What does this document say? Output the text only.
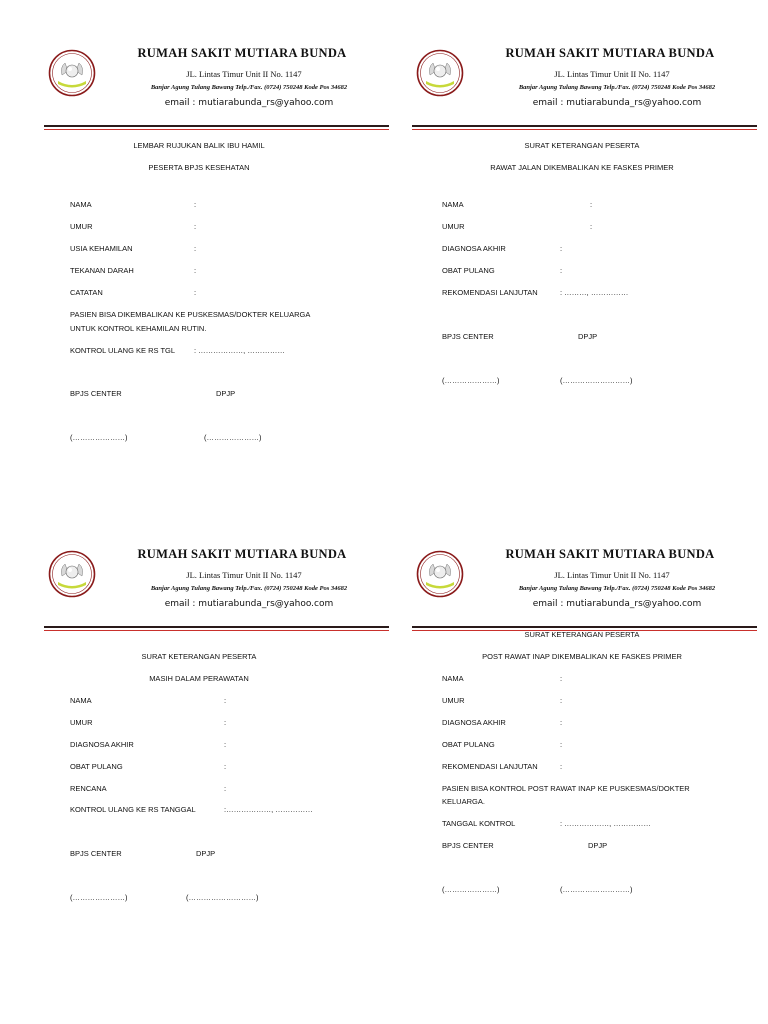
RUMAH SAKIT MUTIARA BUNDA
JL. Lintas Timur Unit II No. 1147
Banjar Agung Tulang Bawang Telp./Fax. (0724) 750248 Kode Pos 34682
email : mutiarabunda_rs@yahoo.com
LEMBAR RUJUKAN BALIK IBU HAMIL
PESERTA BPJS KESEHATAN
NAMA	:
UMUR	:
USIA KEHAMILAN	:
TEKANAN DARAH	:
CATATAN	:
PASIEN BISA DIKEMBALIKAN KE PUSKESMAS/DOKTER KELUARGA
UNTUK KONTROL KEHAMILAN RUTIN.
KONTROL ULANG KE RS TGL	: ………………, ……………
BPJS CENTER	DPJP
(…………………)	(…………………)
RUMAH SAKIT MUTIARA BUNDA
JL. Lintas Timur Unit II No. 1147
Banjar Agung Tulang Bawang Telp./Fax. (0724) 750248 Kode Pos 34682
email : mutiarabunda_rs@yahoo.com
SURAT KETERANGAN PESERTA
RAWAT JALAN DIKEMBALIKAN KE FASKES PRIMER
NAMA	:
UMUR	:
DIAGNOSA AKHIR	:
OBAT PULANG	:
REKOMENDASI LANJUTAN	: ………, ……………
BPJS CENTER	DPJP
(…………………)	(………………………)
RUMAH SAKIT MUTIARA BUNDA
JL. Lintas Timur Unit II No. 1147
Banjar Agung Tulang Bawang Telp./Fax. (0724) 750248 Kode Pos 34682
email : mutiarabunda_rs@yahoo.com
SURAT KETERANGAN PESERTA
MASIH DALAM PERAWATAN
NAMA	:
UMUR	:
DIAGNOSA AKHIR	:
OBAT PULANG	:
RENCANA	:
KONTROL ULANG KE RS TANGGAL	:………………, ……………
BPJS CENTER	DPJP
(…………………)	(………………………)
RUMAH SAKIT MUTIARA BUNDA
JL. Lintas Timur Unit II No. 1147
Banjar Agung Tulang Bawang Telp./Fax. (0724) 750248 Kode Pos 34682
email : mutiarabunda_rs@yahoo.com
SURAT KETERANGAN PESERTA
POST RAWAT INAP DIKEMBALIKAN KE FASKES PRIMER
NAMA	:
UMUR	:
DIAGNOSA AKHIR	:
OBAT PULANG	:
REKOMENDASI LANJUTAN	:
PASIEN BISA KONTROL POST RAWAT INAP KE PUSKESMAS/DOKTER
KELUARGA.
TANGGAL KONTROL	: ………………, ……………
BPJS CENTER	DPJP
(…………………)	(………………………)
